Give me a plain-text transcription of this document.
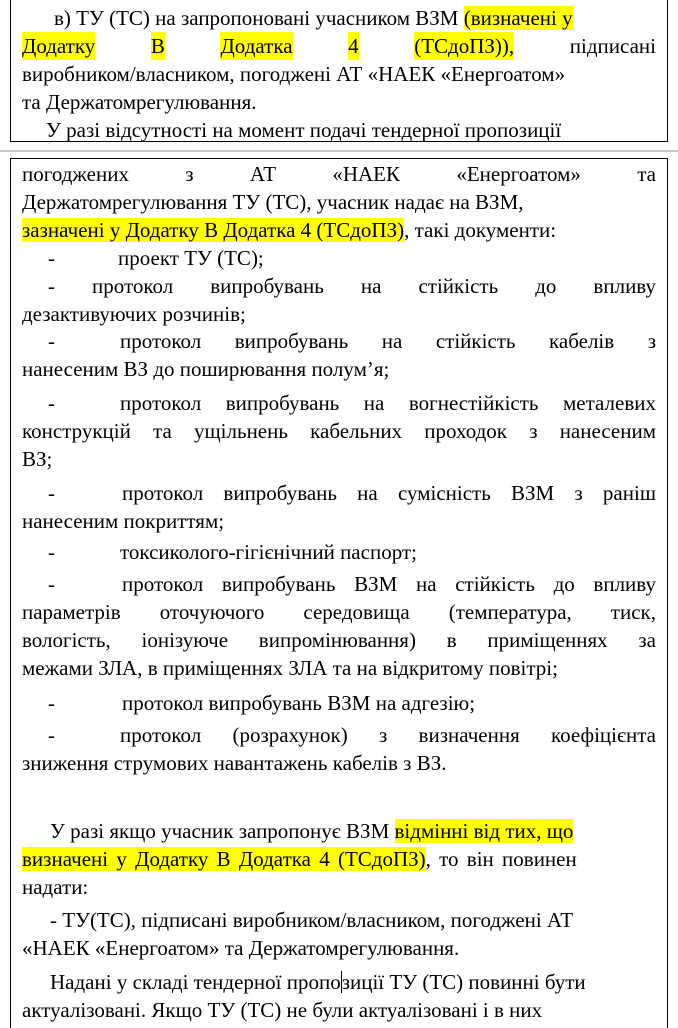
в) ТУ (ТС) на запропоновані учасником ВЗМ (визначені у
Додатку	В	Додатка	4	(ТСдоПЗ)),	підписані
виробником/власником, погоджені АТ «НАЕК «Енергоатом»
та Держатомрегулювання.
У разі відсутності на момент подачі тендерної пропозиції
погоджених	з	АТ	«НАЕК	«Енергоатом»	та
Держатомрегулювання ТУ (ТС), учасник надає на ВЗМ,
зазначені у Додатку В Додатка 4 (ТСдоПЗ), такі документи:
-	проект ТУ (ТС);
-	протокол випробувань на стійкість до впливу
дезактивуючих розчинів;
-	протокол випробувань на стійкість кабелів з
нанесеним ВЗ до поширювання полум’я;
-	протокол випробувань на вогнестійкість металевих
конструкцій та ущільнень кабельних проходок з нанесеним
ВЗ;
-	протокол випробувань на сумісність ВЗМ з раніш
нанесеним покриттям;
-	токсиколого-гігієнічний паспорт;
-	протокол випробувань ВЗМ на стійкість до впливу
параметрів оточуючого середовища (температура, тиск,
вологість, іонізуюче випромінювання) в приміщеннях за
межами ЗЛА, в приміщеннях ЗЛА та на відкритому повітрі;
-	протокол випробувань ВЗМ на адгезію;
-	протокол (розрахунок) з визначення коефіцієнта
зниження струмових навантажень кабелів з ВЗ.
У разі якщо учасник запропонує ВЗМ відмінні від тих, що
визначені у Додатку В Додатка 4 (ТСдоПЗ), то він повинен
надати:
- ТУ(ТС), підписані виробником/власником, погоджені АТ
«НАЕК «Енергоатом» та Держатомрегулювання.
Надані у складі тендерної пропозиції ТУ (ТС) повинні бути
актуалізовані. Якщо ТУ (ТС) не були актуалізовані і в них
